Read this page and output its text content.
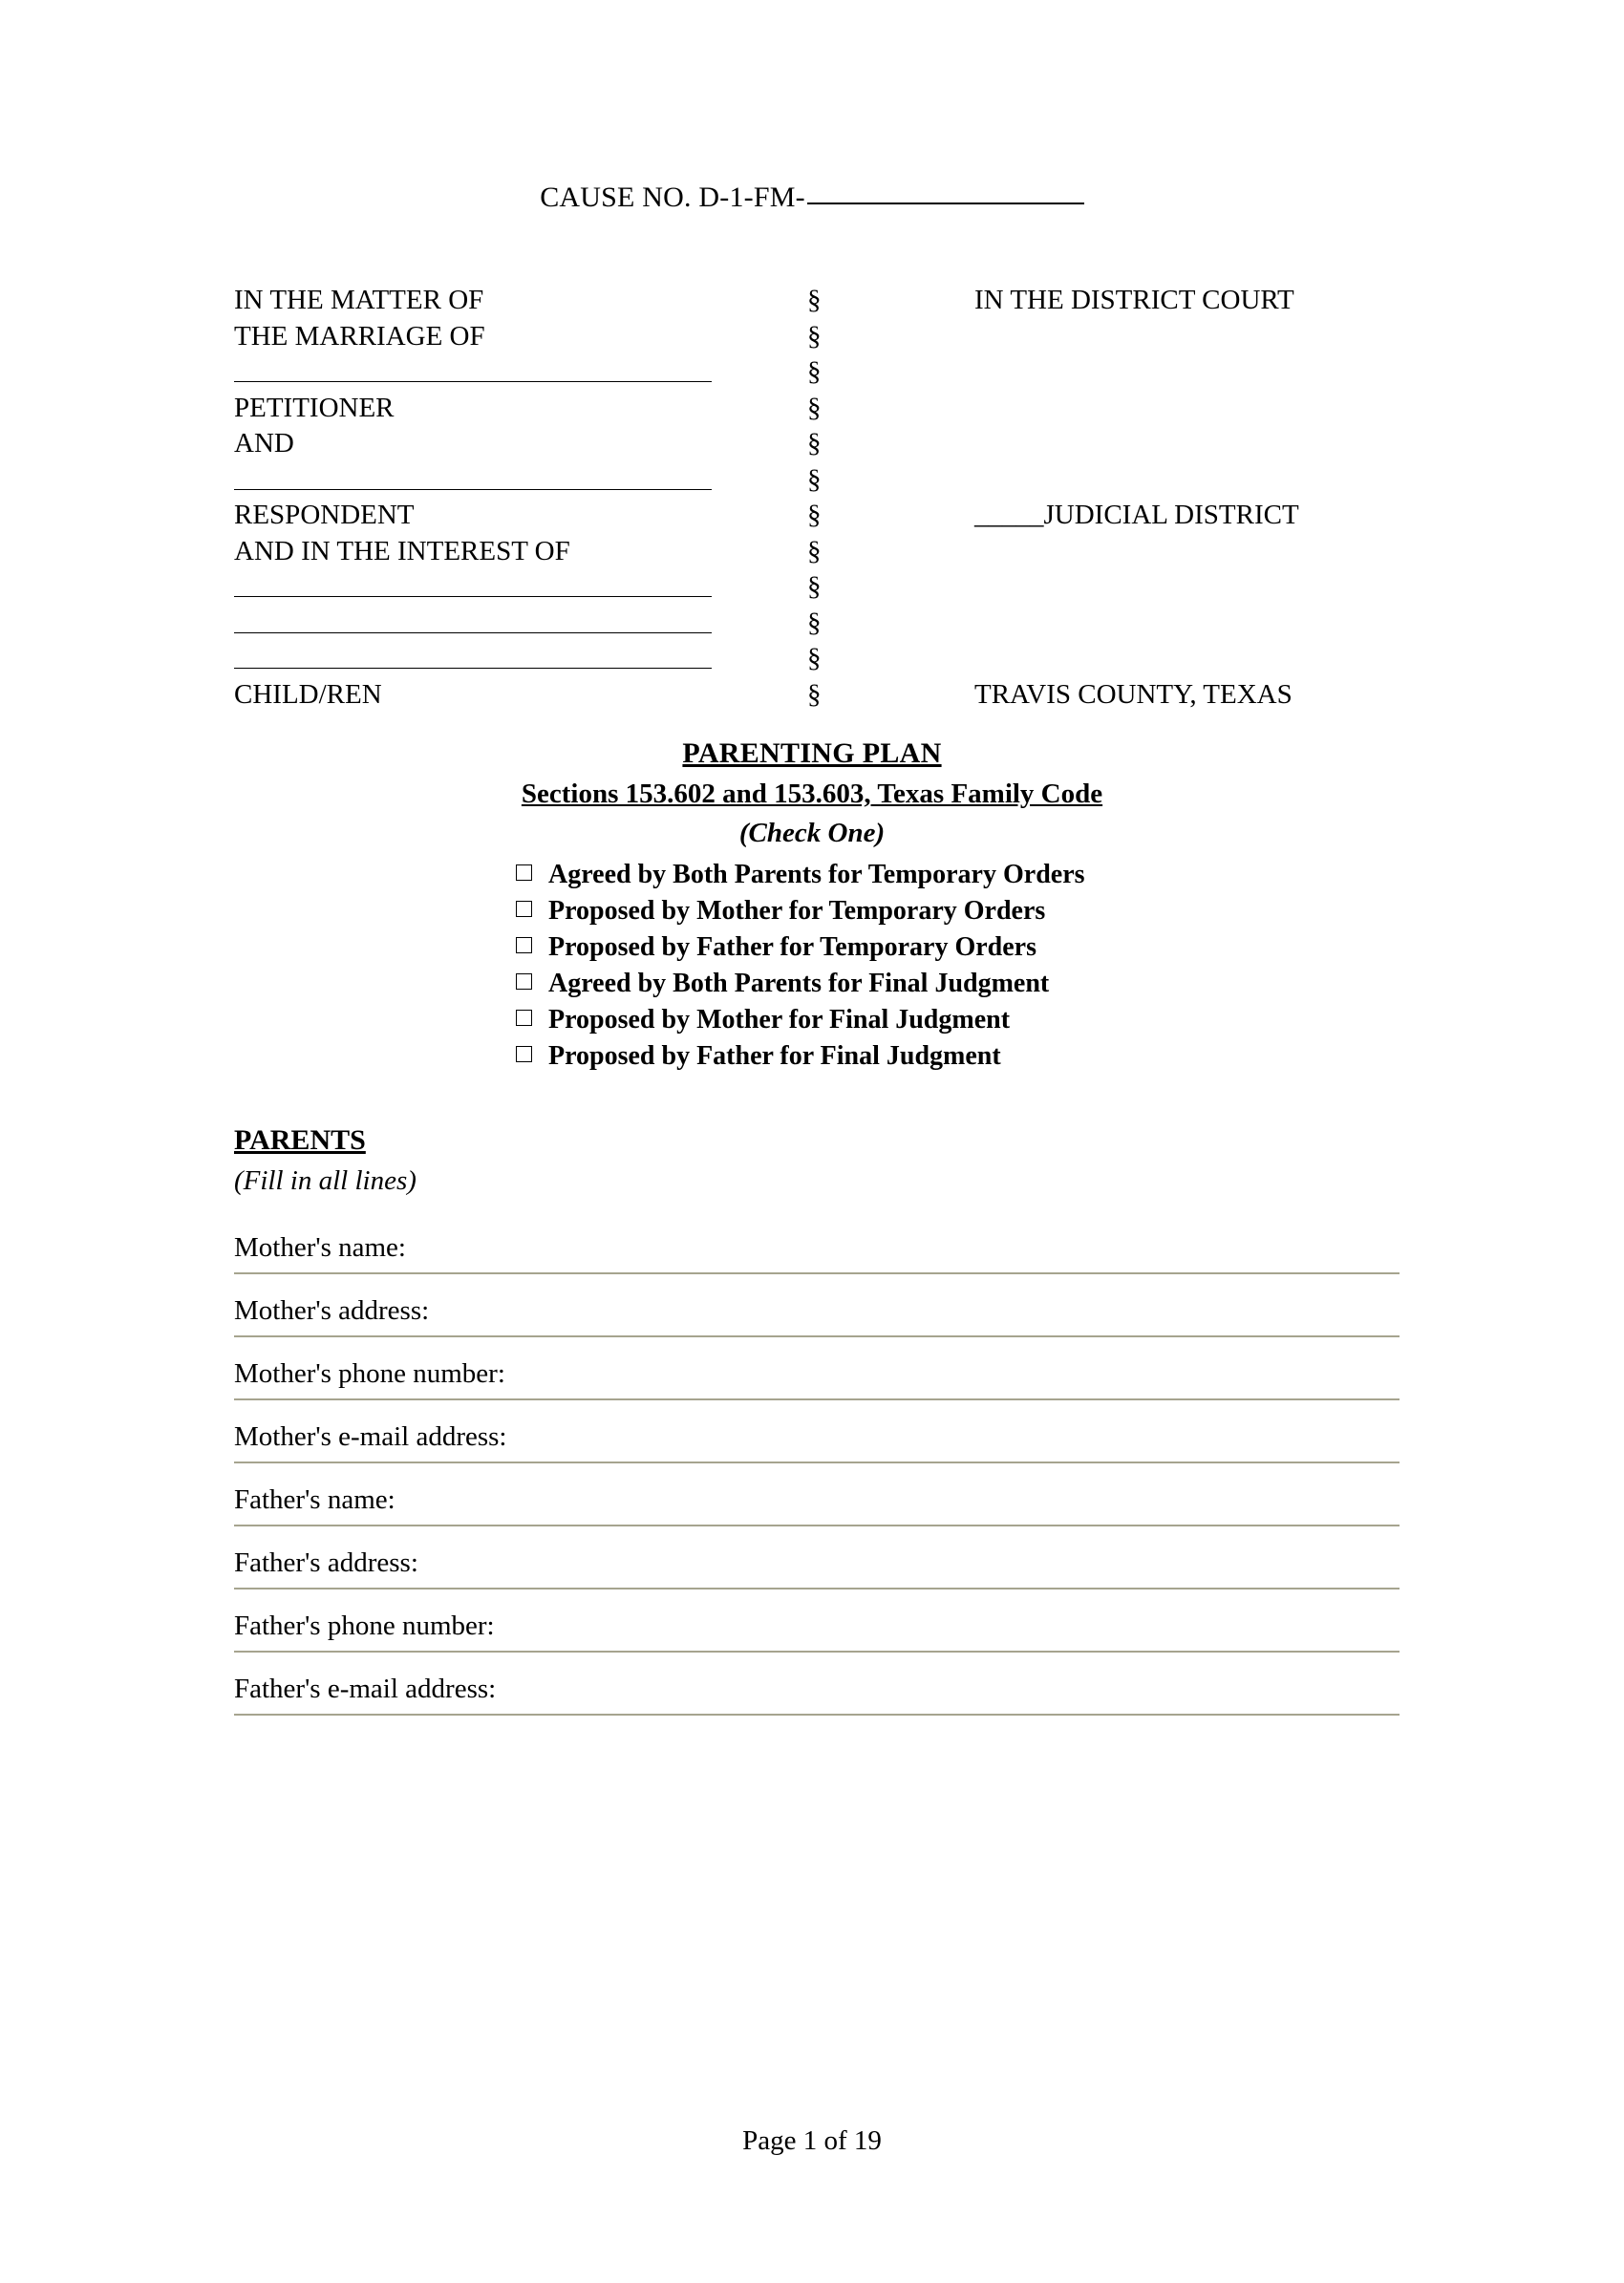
CAUSE NO. D-1-FM-
IN THE MATTER OF	§	IN THE DISTRICT COURT
THE MARRIAGE OF	§	

	§	
PETITIONER	§	
AND	§	

	§	
RESPONDENT	§	_____JUDICIAL DISTRICT
AND IN THE INTEREST OF	§	

	§	

	§	

	§	
CHILD/REN	§	TRAVIS COUNTY, TEXAS
PARENTING PLAN
Sections 153.602 and 153.603, Texas Family Code
(Check One)
Agreed by Both Parents for Temporary Orders
Proposed by Mother for Temporary Orders
Proposed by Father for Temporary Orders
Agreed by Both Parents for Final Judgment
Proposed by Mother for Final Judgment
Proposed by Father for Final Judgment
PARENTS
(Fill in all lines)
Mother's name:
Mother's address:
Mother's phone number:
Mother's e-mail address:
Father's name:
Father's address:
Father's phone number:
Father's e-mail address:
Page 1 of 19
